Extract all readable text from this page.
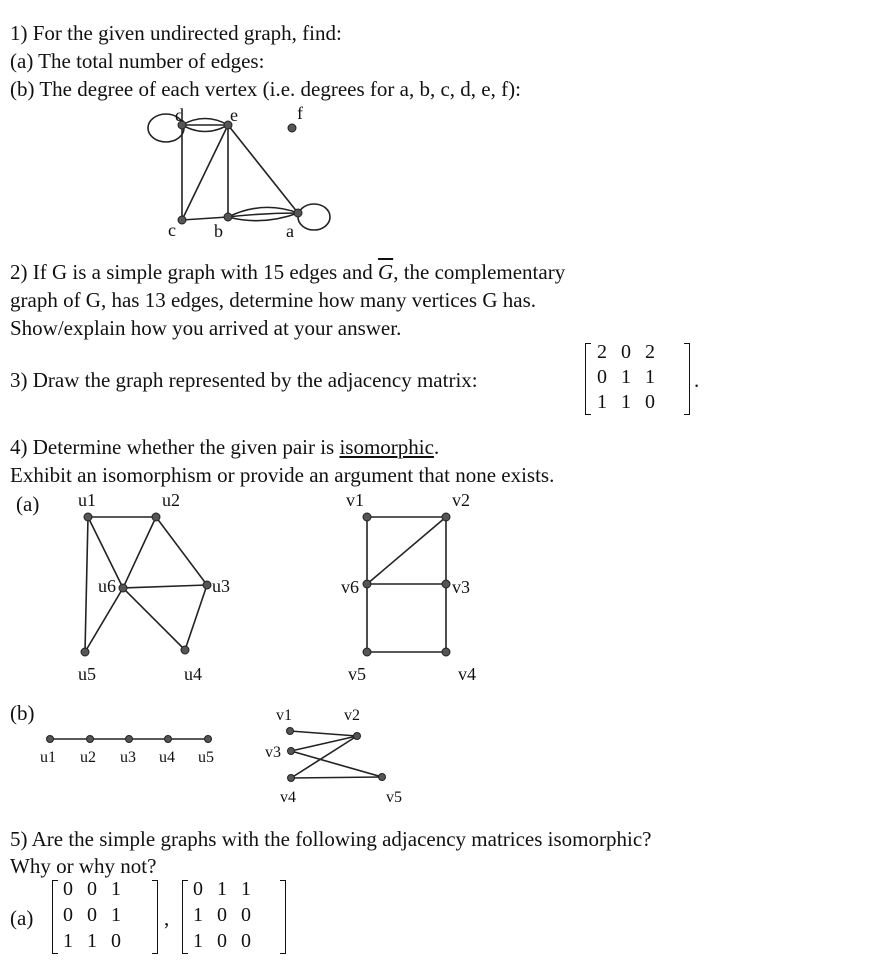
1) For the given undirected graph, find:
(a) The total number of edges:
(b) The degree of each vertex (i.e. degrees for a, b, c, d, e, f):
d	e	f
c b	a
2) If G is a simple graph with 15 edges and $\overline{G}$, the complementary
graph of G, has 13 edges, determine how many vertices G has.
Show/explain how you arrived at your answer.
3) Draw the graph represented by the adjacency matrix:
2 0 2
0 1 1
1 1 0
.
4) Determine whether the given pair is isomorphic.
Exhibit an isomorphism or provide an argument that none exists.
(a) u1	u2
u3
u4
u5
u6
v1	v2
v3
v4
v5
v6
(b)
u1 u2 u3 u4 u5
v1	v2
v3
v4	v5
5) Are the simple graphs with the following adjacency matrices isomorphic?
Why or why not?
(a)
0 0 1
0 0 1
1 1 0
,
0 1 1
1 0 0
1 0 0
